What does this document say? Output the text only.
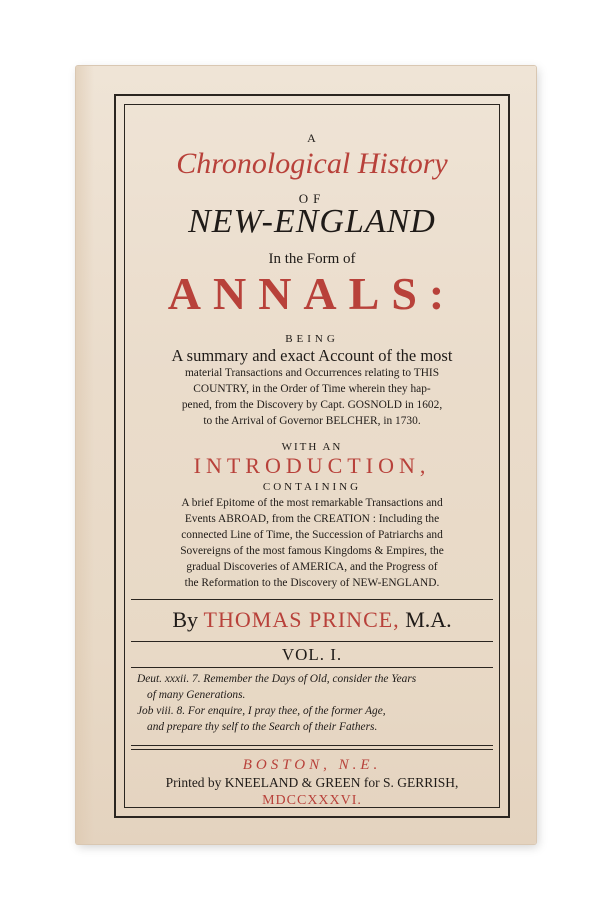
A
Chronological History
OF
NEW-ENGLAND
In the Form of
ANNALS:
BEING
A summary and exact Account of the most
material Transactions and Occurrences relating to THIS
COUNTRY, in the Order of Time wherein they hap-
pened, from the Discovery by Capt. GOSNOLD in 1602,
to the Arrival of Governor BELCHER, in 1730.
WITH AN
INTRODUCTION,
CONTAINING
A brief Epitome of the most remarkable Transactions and
Events ABROAD, from the CREATION : Including the
connected Line of Time, the Succession of Patriarchs and
Sovereigns of the most famous Kingdoms & Empires, the
gradual Discoveries of AMERICA, and the Progress of
the Reformation to the Discovery of NEW-ENGLAND.
By THOMAS PRINCE, M.A.
VOL. I.
Deut. xxxii. 7. Remember the Days of Old, consider the Years
of many Generations.
Job viii. 8. For enquire, I pray thee, of the former Age,
and prepare thy self to the Search of their Fathers.
BOSTON, N.E.
Printed by KNEELAND & GREEN for S. GERRISH,
MDCCXXXVI.
